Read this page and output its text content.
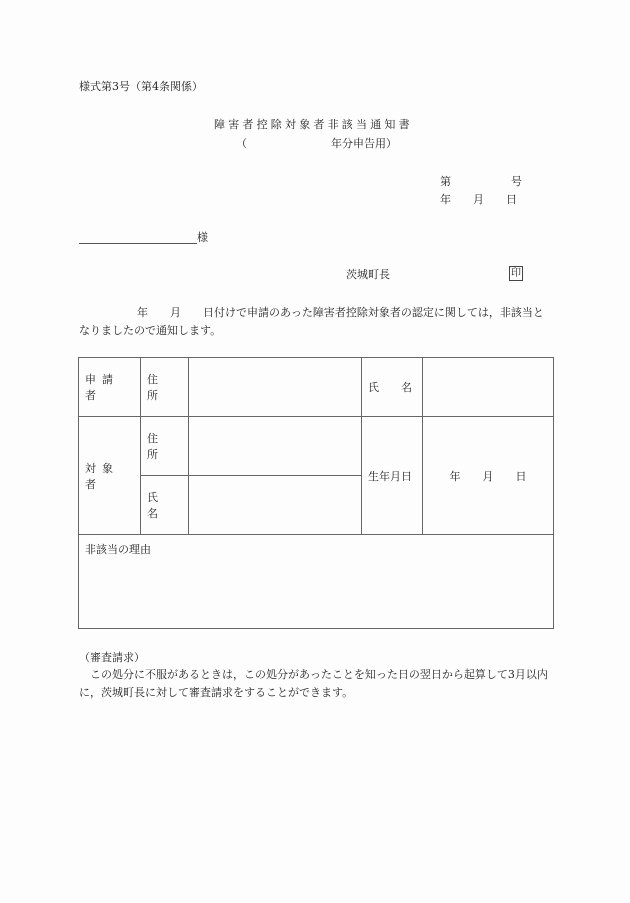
様式第3号（第4条関係）
障害者控除対象者非該当通知書
（	年分申告用）
第	号
年 月 日
様
茨城町長	印
年 月 日付けで申請のあった障害者控除対象者の認定に関しては，非該当となりましたので通知します。
申請者	住　所		氏　　名	
対象者	住　所		生年月日	年 月 日
	氏　名			
非該当の理由				
（審査請求）
この処分に不服があるときは，この処分があったことを知った日の翌日から起算して3月以内に，茨城町長に対して審査請求をすることができます。
